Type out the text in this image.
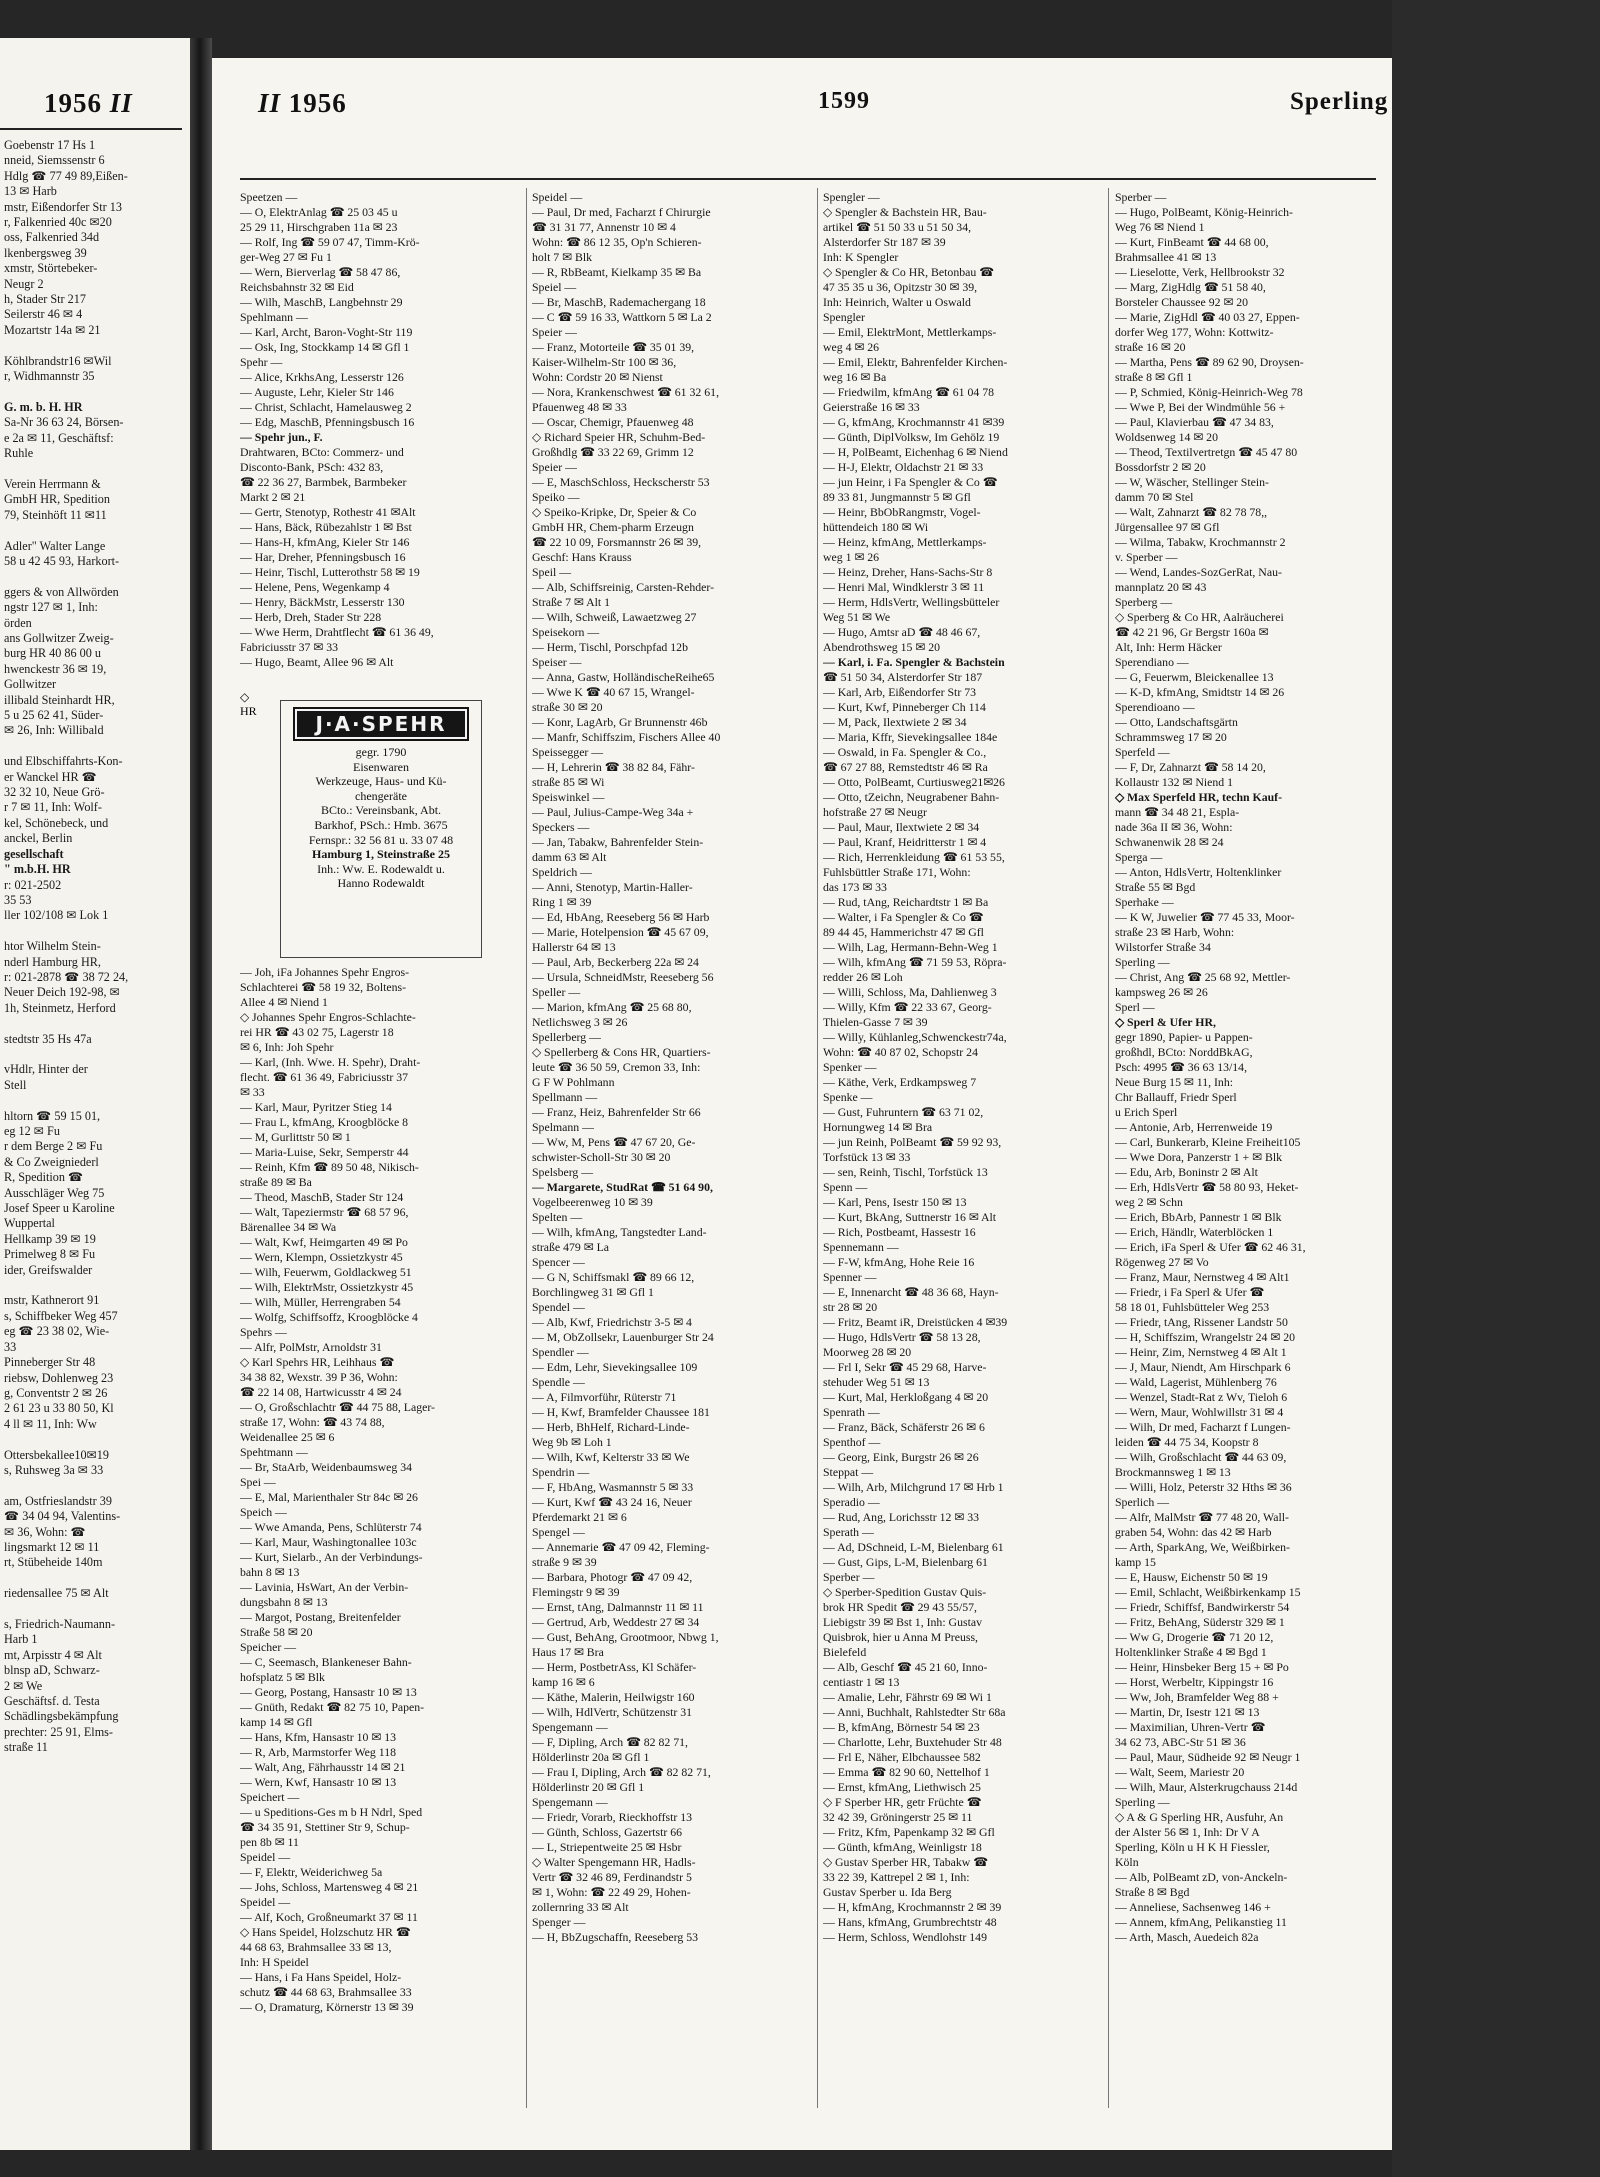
1956 II
Goebenstr 17 Hs 1
nneid, Siemssenstr 6
Hdlg ☎ 77 49 89,Eißen-
13 ✉ Harb
mstr, Eißendorfer Str 13
r, Falkenried 40c ✉20
oss, Falkenried 34d
lkenbergsweg 39
xmstr, Störtebeker-
Neugr 2
h, Stader Str 217
Seilerstr 46 ✉ 4
Mozartstr 14a ✉ 21

Köhlbrandstr16 ✉Wil
r, Widhmannstr 35

G. m. b. H. HR
Sa-Nr 36 63 24, Börsen-
e 2a ✉ 11, Geschäftsf:
Ruhle

Verein Herrmann &
GmbH HR, Spedition
79, Steinhöft 11 ✉11

Adler" Walter Lange
58 u 42 45 93, Harkort-

ggers & von Allwörden
ngstr 127 ✉ 1, Inh:
örden
ans Gollwitzer Zweig-
burg HR 40 86 00 u
hwenckestr 36 ✉ 19,
Gollwitzer
illibald Steinhardt HR,
5 u 25 62 41, Süder-
✉ 26, Inh: Willibald

und Elbschiffahrts-Kon-
er Wanckel HR ☎
32 32 10, Neue Grö-
r 7 ✉ 11, Inh: Wolf-
kel, Schönebeck, und
anckel, Berlin
gesellschaft
" m.b.H. HR
r: 021-2502
35 53
ller 102/108 ✉ Lok 1

htor Wilhelm Stein-
nderl Hamburg HR,
r: 021-2878 ☎ 38 72 24,
Neuer Deich 192-98, ✉
1h, Steinmetz, Herford

stedtstr 35 Hs 47a

vHdlr, Hinter der
Stell

hltorn ☎ 59 15 01,
eg 12 ✉ Fu
r dem Berge 2 ✉ Fu
& Co Zweigniederl
R, Spedition ☎
Ausschläger Weg 75
Josef Speer u Karoline
Wuppertal
Hellkamp 39 ✉ 19
Primelweg 8 ✉ Fu
ider, Greifswalder

mstr, Kathnerort 91
s, Schiffbeker Weg 457
eg ☎ 23 38 02, Wie-
33
Pinneberger Str 48
riebsw, Dohlenweg 23
g, Conventstr 2 ✉ 26
2 61 23 u 33 80 50, Kl
4 ll ✉ 11, Inh: Ww

Ottersbekallee10✉19
s, Ruhsweg 3a ✉ 33

am, Ostfrieslandstr 39
☎ 34 04 94, Valentins-
✉ 36, Wohn: ☎
lingsmarkt 12 ✉ 11
rt, Stübeheide 140m

riedensallee 75 ✉ Alt

s, Friedrich-Naumann-
Harb 1
mt, Arpisstr 4 ✉ Alt
blnsp aD, Schwarz-
2 ✉ We
Geschäftsf. d. Testa
Schädlingsbekämpfung
prechter: 25 91, Elms-
straße 11
II 1956	1599	Sperling
Speetzen —
— O, ElektrAnlag ☎ 25 03 45 u
25 29 11, Hirschgraben 11a ✉ 23
— Rolf, Ing ☎ 59 07 47, Timm-Krö-
ger-Weg 27 ✉ Fu 1
— Wern, Bierverlag ☎ 58 47 86,
Reichsbahnstr 32 ✉ Eid
— Wilh, MaschB, Langbehnstr 29
Spehlmann —
— Karl, Archt, Baron-Voght-Str 119
— Osk, Ing, Stockkamp 14 ✉ Gfl 1
Spehr —
— Alice, KrkhsAng, Lesserstr 126
— Auguste, Lehr, Kieler Str 146
— Christ, Schlacht, Hamelausweg 2
— Edg, MaschB, Pfenningsbusch 16
— Spehr jun., F.
Drahtwaren, BCto: Commerz- und
Disconto-Bank, PSch: 432 83,
☎ 22 36 27, Barmbek, Barmbeker
Markt 2 ✉ 21
— Gertr, Stenotyp, Rothestr 41 ✉Alt
— Hans, Bäck, Rübezahlstr 1 ✉ Bst
— Hans-H, kfmAng, Kieler Str 146
— Har, Dreher, Pfenningsbusch 16
— Heinr, Tischl, Lutterothstr 58 ✉ 19
— Helene, Pens, Wegenkamp 4
— Henry, BäckMstr, Lesserstr 130
— Herb, Dreh, Stader Str 228
— Wwe Herm, Drahtflecht ☎ 61 36 49,
Fabriciusstr 37 ✉ 33
— Hugo, Beamt, Allee 96 ✉ Alt
◇ HR
J·A·SPEHR
gegr. 1790
Eisenwaren
Werkzeuge, Haus- und Kü-
chengeräte
BCto.: Vereinsbank, Abt.
Barkhof, PSch.: Hmb. 3675
Fernspr.: 32 56 81 u. 33 07 48
Hamburg 1, Steinstraße 25
Inh.: Ww. E. Rodewaldt u.
Hanno Rodewaldt
— Joh, iFa Johannes Spehr Engros-
Schlachterei ☎ 58 19 32, Boltens-
Allee 4 ✉ Niend 1
◇ Johannes Spehr Engros-Schlachte-
rei HR ☎ 43 02 75, Lagerstr 18
✉ 6, Inh: Joh Spehr
— Karl, (Inh. Wwe. H. Spehr), Draht-
flecht. ☎ 61 36 49, Fabriciusstr 37
✉ 33
— Karl, Maur, Pyritzer Stieg 14
— Frau L, kfmAng, Kroogblöcke 8
— M, Gurlittstr 50 ✉ 1
— Maria-Luise, Sekr, Semperstr 44
— Reinh, Kfm ☎ 89 50 48, Nikisch-
straße 89 ✉ Ba
— Theod, MaschB, Stader Str 124
— Walt, Tapeziermstr ☎ 68 57 96,
Bärenallee 34 ✉ Wa
— Walt, Kwf, Heimgarten 49 ✉ Po
— Wern, Klempn, Ossietzkystr 45
— Wilh, Feuerwm, Goldlackweg 51
— Wilh, ElektrMstr, Ossietzkystr 45
— Wilh, Müller, Herrengraben 54
— Wolfg, Schiffsoffz, Kroogblöcke 4
Spehrs —
— Alfr, PolMstr, Arnoldstr 31
◇ Karl Spehrs HR, Leihhaus ☎
34 38 82, Wexstr. 39 P 36, Wohn:
☎ 22 14 08, Hartwicusstr 4 ✉ 24
— O, Großschlachtr ☎ 44 75 88, Lager-
straße 17, Wohn: ☎ 43 74 88,
Weidenallee 25 ✉ 6
Spehtmann —
— Br, StaArb, Weidenbaumsweg 34
Spei —
— E, Mal, Marienthaler Str 84c ✉ 26
Speich —
— Wwe Amanda, Pens, Schlüterstr 74
— Karl, Maur, Washingtonallee 103c
— Kurt, Sielarb., An der Verbindungs-
bahn 8 ✉ 13
— Lavinia, HsWart, An der Verbin-
dungsbahn 8 ✉ 13
— Margot, Postang, Breitenfelder
Straße 58 ✉ 20
Speicher —
— C, Seemasch, Blankeneser Bahn-
hofsplatz 5 ✉ Blk
— Georg, Postang, Hansastr 10 ✉ 13
— Gnüth, Redakt ☎ 82 75 10, Papen-
kamp 14 ✉ Gfl
— Hans, Kfm, Hansastr 10 ✉ 13
— R, Arb, Marmstorfer Weg 118
— Walt, Ang, Fährhausstr 14 ✉ 21
— Wern, Kwf, Hansastr 10 ✉ 13
Speichert —
— u Speditions-Ges m b H Ndrl, Sped
☎ 34 35 91, Stettiner Str 9, Schup-
pen 8b ✉ 11
Speidel —
— F, Elektr, Weiderichweg 5a
— Johs, Schloss, Martensweg 4 ✉ 21
Speidel —
— Alf, Koch, Großneumarkt 37 ✉ 11
◇ Hans Speidel, Holzschutz HR ☎
44 68 63, Brahmsallee 33 ✉ 13,
Inh: H Speidel
— Hans, i Fa Hans Speidel, Holz-
schutz ☎ 44 68 63, Brahmsallee 33
— O, Dramaturg, Körnerstr 13 ✉ 39
Speidel —
— Paul, Dr med, Facharzt f Chirurgie
☎ 31 31 77, Annenstr 10 ✉ 4
Wohn: ☎ 86 12 35, Op'n Schieren-
holt 7 ✉ Blk
— R, RbBeamt, Kielkamp 35 ✉ Ba
Speiel —
— Br, MaschB, Rademachergang 18
— C ☎ 59 16 33, Wattkorn 5 ✉ La 2
Speier —
— Franz, Motorteile ☎ 35 01 39,
Kaiser-Wilhelm-Str 100 ✉ 36,
Wohn: Cordstr 20 ✉ Nienst
— Nora, Krankenschwest ☎ 61 32 61,
Pfauenweg 48 ✉ 33
— Oscar, Chemigr, Pfauenweg 48
◇ Richard Speier HR, Schuhm-Bed-
Großhdlg ☎ 33 22 69, Grimm 12
Speier —
— E, MaschSchloss, Heckscherstr 53
Speiko —
◇ Speiko-Kripke, Dr, Speier & Co
GmbH HR, Chem-pharm Erzeugn
☎ 22 10 09, Forsmannstr 26 ✉ 39,
Geschf: Hans Krauss
Speil —
— Alb, Schiffsreinig, Carsten-Rehder-
Straße 7 ✉ Alt 1
— Wilh, Schweiß, Lawaetzweg 27
Speisekorn —
— Herm, Tischl, Porschpfad 12b
Speiser —
— Anna, Gastw, HolländischeReihe65
— Wwe K ☎ 40 67 15, Wrangel-
straße 30 ✉ 20
— Konr, LagArb, Gr Brunnenstr 46b
— Manfr, Schiffszim, Fischers Allee 40
Speissegger —
— H, Lehrerin ☎ 38 82 84, Fähr-
straße 85 ✉ Wi
Speiswinkel —
— Paul, Julius-Campe-Weg 34a +
Speckers —
— Jan, Tabakw, Bahrenfelder Stein-
damm 63 ✉ Alt
Speldrich —
— Anni, Stenotyp, Martin-Haller-
Ring 1 ✉ 39
— Ed, HbAng, Reeseberg 56 ✉ Harb
— Marie, Hotelpension ☎ 45 67 09,
Hallerstr 64 ✉ 13
— Paul, Arb, Beckerberg 22a ✉ 24
— Ursula, SchneidMstr, Reeseberg 56
Speller —
— Marion, kfmAng ☎ 25 68 80,
Netlichsweg 3 ✉ 26
Spellerberg —
◇ Spellerberg & Cons HR, Quartiers-
leute ☎ 36 50 59, Cremon 33, Inh:
G F W Pohlmann
Spellmann —
— Franz, Heiz, Bahrenfelder Str 66
Spelmann —
— Ww, M, Pens ☎ 47 67 20, Ge-
schwister-Scholl-Str 30 ✉ 20
Spelsberg —
— Margarete, StudRat ☎ 51 64 90,
Vogelbeerenweg 10 ✉ 39
Spelten —
— Wilh, kfmAng, Tangstedter Land-
straße 479 ✉ La
Spencer —
— G N, Schiffsmakl ☎ 89 66 12,
Borchlingweg 31 ✉ Gfl 1
Spendel —
— Alb, Kwf, Friedrichstr 3-5 ✉ 4
— M, ObZollsekr, Lauenburger Str 24
Spendler —
— Edm, Lehr, Sievekingsallee 109
Spendle —
— A, Filmvorführ, Rüterstr 71
— H, Kwf, Bramfelder Chaussee 181
— Herb, BhHelf, Richard-Linde-
Weg 9b ✉ Loh 1
— Wilh, Kwf, Kelterstr 33 ✉ We
Spendrin —
— F, HbAng, Wasmannstr 5 ✉ 33
— Kurt, Kwf ☎ 43 24 16, Neuer
Pferdemarkt 21 ✉ 6
Spengel —
— Annemarie ☎ 47 09 42, Fleming-
straße 9 ✉ 39
— Barbara, Photogr ☎ 47 09 42,
Flemingstr 9 ✉ 39
— Ernst, tAng, Dalmannstr 11 ✉ 11
— Gertrud, Arb, Weddestr 27 ✉ 34
— Gust, BehAng, Grootmoor, Nbwg 1,
Haus 17 ✉ Bra
— Herm, PostbetrAss, Kl Schäfer-
kamp 16 ✉ 6
— Käthe, Malerin, Heilwigstr 160
— Wilh, HdlVertr, Schützenstr 31
Spengemann —
— F, Dipling, Arch ☎ 82 82 71,
Hölderlinstr 20a ✉ Gfl 1
— Frau I, Dipling, Arch ☎ 82 82 71,
Hölderlinstr 20 ✉ Gfl 1
Spengemann —
— Friedr, Vorarb, Rieckhoffstr 13
— Günth, Schloss, Gazertstr 66
— L, Striepentweite 25 ✉ Hsbr
◇ Walter Spengemann HR, Hadls-
Vertr ☎ 32 46 89, Ferdinandstr 5
✉ 1, Wohn: ☎ 22 49 29, Hohen-
zollernring 33 ✉ Alt
Spenger —
— H, BbZugschaffn, Reeseberg 53
Spengler —
◇ Spengler & Bachstein HR, Bau-
artikel ☎ 51 50 33 u 51 50 34,
Alsterdorfer Str 187 ✉ 39
Inh: K Spengler
◇ Spengler & Co HR, Betonbau ☎
47 35 35 u 36, Opitzstr 30 ✉ 39,
Inh: Heinrich, Walter u Oswald
Spengler
— Emil, ElektrMont, Mettlerkamps-
weg 4 ✉ 26
— Emil, Elektr, Bahrenfelder Kirchen-
weg 16 ✉ Ba
— Friedwilm, kfmAng ☎ 61 04 78
Geierstraße 16 ✉ 33
— G, kfmAng, Krochmannstr 41 ✉39
— Günth, DiplVolksw, Im Gehölz 19
— H, PolBeamt, Eichenhag 6 ✉ Niend
— H-J, Elektr, Oldachstr 21 ✉ 33
— jun Heinr, i Fa Spengler & Co ☎
89 33 81, Jungmannstr 5 ✉ Gfl
— Heinr, BbObRangmstr, Vogel-
hüttendeich 180 ✉ Wi
— Heinz, kfmAng, Mettlerkamps-
weg 1 ✉ 26
— Heinz, Dreher, Hans-Sachs-Str 8
— Henri Mal, Windklerstr 3 ✉ 11
— Herm, HdlsVertr, Wellingsbütteler
Weg 51 ✉ We
— Hugo, Amtsr aD ☎ 48 46 67,
Abendrothsweg 15 ✉ 20
— Karl, i. Fa. Spengler & Bachstein
☎ 51 50 34, Alsterdorfer Str 187
— Karl, Arb, Eißendorfer Str 73
— Kurt, Kwf, Pinneberger Ch 114
— M, Pack, Ilextwiete 2 ✉ 34
— Maria, Kffr, Sievekingsallee 184e
— Oswald, in Fa. Spengler & Co.,
☎ 67 27 88, Remstedtstr 46 ✉ Ra
— Otto, PolBeamt, Curtiusweg21✉26
— Otto, tZeichn, Neugrabener Bahn-
hofstraße 27 ✉ Neugr
— Paul, Maur, Ilextwiete 2 ✉ 34
— Paul, Kranf, Heidritterstr 1 ✉ 4
— Rich, Herrenkleidung ☎ 61 53 55,
Fuhlsbüttler Straße 171, Wohn:
das 173 ✉ 33
— Rud, tAng, Reichardtstr 1 ✉ Ba
— Walter, i Fa Spengler & Co ☎
89 44 45, Hammerichstr 47 ✉ Gfl
— Wilh, Lag, Hermann-Behn-Weg 1
— Wilh, kfmAng ☎ 71 59 53, Röpra-
redder 26 ✉ Loh
— Willi, Schloss, Ma, Dahlienweg 3
— Willy, Kfm ☎ 22 33 67, Georg-
Thielen-Gasse 7 ✉ 39
— Willy, Kühlanleg,Schwenckestr74a,
Wohn: ☎ 40 87 02, Schopstr 24
Spenker —
— Käthe, Verk, Erdkampsweg 7
Spenke —
— Gust, Fuhruntern ☎ 63 71 02,
Hornungweg 14 ✉ Bra
— jun Reinh, PolBeamt ☎ 59 92 93,
Torfstück 13 ✉ 33
— sen, Reinh, Tischl, Torfstück 13
Spenn —
— Karl, Pens, Isestr 150 ✉ 13
— Kurt, BkAng, Suttnerstr 16 ✉ Alt
— Rich, Postbeamt, Hassestr 16
Spennemann —
— F-W, kfmAng, Hohe Reie 16
Spenner —
— E, Innenarcht ☎ 48 36 68, Hayn-
str 28 ✉ 20
— Fritz, Beamt iR, Dreistücken 4 ✉39
— Hugo, HdlsVertr ☎ 58 13 28,
Moorweg 28 ✉ 20
— Frl I, Sekr ☎ 45 29 68, Harve-
stehuder Weg 51 ✉ 13
— Kurt, Mal, Herkloßgang 4 ✉ 20
Spenrath —
— Franz, Bäck, Schäferstr 26 ✉ 6
Spenthof —
— Georg, Eink, Burgstr 26 ✉ 26
Steppat —
— Wilh, Arb, Milchgrund 17 ✉ Hrb 1
Speradio —
— Rud, Ang, Lorichsstr 12 ✉ 33
Sperath —
— Ad, DSchneid, L-M, Bielenbarg 61
— Gust, Gips, L-M, Bielenbarg 61
Sperber —
◇ Sperber-Spedition Gustav Quis-
brok HR Spedit ☎ 29 43 55/57,
Liebigstr 39 ✉ Bst 1, Inh: Gustav
Quisbrok, hier u Anna M Preuss,
Bielefeld
— Alb, Geschf ☎ 45 21 60, Inno-
centiastr 1 ✉ 13
— Amalie, Lehr, Fährstr 69 ✉ Wi 1
— Anni, Buchhalt, Rahlstedter Str 68a
— B, kfmAng, Börnestr 54 ✉ 23
— Charlotte, Lehr, Buxtehuder Str 48
— Frl E, Näher, Elbchaussee 582
— Emma ☎ 82 90 60, Nettelhof 1
— Ernst, kfmAng, Liethwisch 25
◇ F Sperber HR, getr Früchte ☎
32 42 39, Gröningerstr 25 ✉ 11
— Fritz, Kfm, Papenkamp 32 ✉ Gfl
— Günth, kfmAng, Weinligstr 18
◇ Gustav Sperber HR, Tabakw ☎
33 22 39, Kattrepel 2 ✉ 1, Inh:
Gustav Sperber u. Ida Berg
— H, kfmAng, Krochmannstr 2 ✉ 39
— Hans, kfmAng, Grumbrechtstr 48
— Herm, Schloss, Wendlohstr 149
Sperber —
— Hugo, PolBeamt, König-Heinrich-
Weg 76 ✉ Niend 1
— Kurt, FinBeamt ☎ 44 68 00,
Brahmsallee 41 ✉ 13
— Lieselotte, Verk, Hellbrookstr 32
— Marg, ZigHdlg ☎ 51 58 40,
Borsteler Chaussee 92 ✉ 20
— Marie, ZigHdl ☎ 40 03 27, Eppen-
dorfer Weg 177, Wohn: Kottwitz-
straße 16 ✉ 20
— Martha, Pens ☎ 89 62 90, Droysen-
straße 8 ✉ Gfl 1
— P, Schmied, König-Heinrich-Weg 78
— Wwe P, Bei der Windmühle 56 +
— Paul, Klavierbau ☎ 47 34 83,
Woldsenweg 14 ✉ 20
— Theod, Textilvertretgn ☎ 45 47 80
Bossdorfstr 2 ✉ 20
— W, Wäscher, Stellinger Stein-
damm 70 ✉ Stel
— Walt, Zahnarzt ☎ 82 78 78,,
Jürgensallee 97 ✉ Gfl
— Wilma, Tabakw, Krochmannstr 2
v. Sperber —
— Wend, Landes-SozGerRat, Nau-
mannplatz 20 ✉ 43
Sperberg —
◇ Sperberg & Co HR, Aalräucherei
☎ 42 21 96, Gr Bergstr 160a ✉
Alt, Inh: Herm Häcker
Sperendiano —
— G, Feuerwm, Bleickenallee 13
— K-D, kfmAng, Smidtstr 14 ✉ 26
Sperendioano —
— Otto, Landschaftsgärtn
Schrammsweg 17 ✉ 20
Sperfeld —
— F, Dr, Zahnarzt ☎ 58 14 20,
Kollaustr 132 ✉ Niend 1
◇ Max Sperfeld HR, techn Kauf-
mann ☎ 34 48 21, Espla-
nade 36a II ✉ 36, Wohn:
Schwanenwik 28 ✉ 24
Sperga —
— Anton, HdlsVertr, Holtenklinker
Straße 55 ✉ Bgd
Sperhake —
— K W, Juwelier ☎ 77 45 33, Moor-
straße 23 ✉ Harb, Wohn:
Wilstorfer Straße 34
Sperling —
— Christ, Ang ☎ 25 68 92, Mettler-
kampsweg 26 ✉ 26
Sperl —
◇ Sperl & Ufer HR,
gegr 1890, Papier- u Pappen-
großhdl, BCto: NorddBkAG,
Psch: 4995 ☎ 36 63 13/14,
Neue Burg 15 ✉ 11, Inh:
Chr Ballauff, Friedr Sperl
u Erich Sperl
— Antonie, Arb, Herrenweide 19
— Carl, Bunkerarb, Kleine Freiheit105
— Wwe Dora, Panzerstr 1 + ✉ Blk
— Edu, Arb, Boninstr 2 ✉ Alt
— Erh, HdlsVertr ☎ 58 80 93, Heket-
weg 2 ✉ Schn
— Erich, BbArb, Pannestr 1 ✉ Blk
— Erich, Händlr, Waterblöcken 1
— Erich, iFa Sperl & Ufer ☎ 62 46 31,
Rögenweg 27 ✉ Vo
— Franz, Maur, Nernstweg 4 ✉ Alt1
— Friedr, i Fa Sperl & Ufer ☎
58 18 01, Fuhlsbütteler Weg 253
— Friedr, tAng, Rissener Landstr 50
— H, Schiffszim, Wrangelstr 24 ✉ 20
— Heinr, Zim, Nernstweg 4 ✉ Alt 1
— J, Maur, Niendt, Am Hirschpark 6
— Wald, Lagerist, Mühlenberg 76
— Wenzel, Stadt-Rat z Wv, Tieloh 6
— Wern, Maur, Wohlwillstr 31 ✉ 4
— Wilh, Dr med, Facharzt f Lungen-
leiden ☎ 44 75 34, Koopstr 8
— Wilh, Großschlacht ☎ 44 63 09,
Brockmannsweg 1 ✉ 13
— Willi, Holz, Peterstr 32 Hths ✉ 36
Sperlich —
— Alfr, MalMstr ☎ 77 48 20, Wall-
graben 54, Wohn: das 42 ✉ Harb
— Arth, SparkAng, We, Weißbirken-
kamp 15
— E, Hausw, Eichenstr 50 ✉ 19
— Emil, Schlacht, Weißbirkenkamp 15
— Friedr, Schiffsf, Bandwirkerstr 54
— Fritz, BehAng, Süderstr 329 ✉ 1
— Ww G, Drogerie ☎ 71 20 12,
Holtenklinker Straße 4 ✉ Bgd 1
— Heinr, Hinsbeker Berg 15 + ✉ Po
— Horst, Werbeltr, Kippingstr 16
— Ww, Joh, Bramfelder Weg 88 +
— Martin, Dr, Isestr 121 ✉ 13
— Maximilian, Uhren-Vertr ☎
34 62 73, ABC-Str 51 ✉ 36
— Paul, Maur, Südheide 92 ✉ Neugr 1
— Walt, Seem, Mariestr 20
— Wilh, Maur, Alsterkrugchauss 214d
Sperling —
◇ A & G Sperling HR, Ausfuhr, An
der Alster 56 ✉ 1, Inh: Dr V A
Sperling, Köln u H K H Fiessler,
Köln
— Alb, PolBeamt zD, von-Anckeln-
Straße 8 ✉ Bgd
— Anneliese, Sachsenweg 146 +
— Annem, kfmAng, Pelikanstieg 11
— Arth, Masch, Auedeich 82a
